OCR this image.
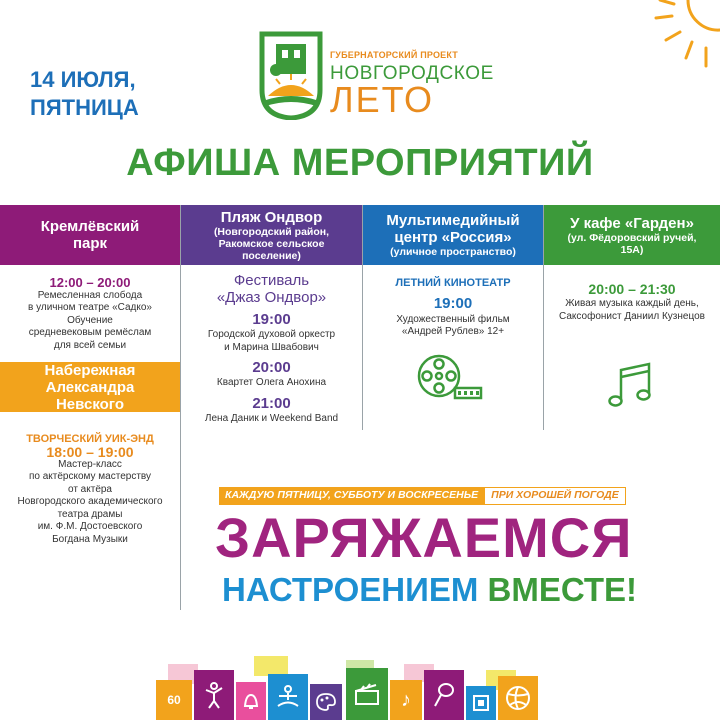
14 ИЮЛЯ,
ПЯТНИЦА
ГУБЕРНАТОРСКИЙ ПРОЕКТ
НОВГОРОДСКОЕ
ЛЕТО
АФИША МЕРОПРИЯТИЙ
Кремлёвский парк
Пляж Ондвор
(Новгородский район, Ракомское сельское поселение)
Мультимедийный центр «Россия»
(уличное пространство)
У кафе «Гарден»
(ул. Фёдоровский ручей, 15А)
12:00 – 20:00
Ремесленная слобода
в уличном театре «Садко»
Обучение
средневековым ремёслам
для всей семьи
Набережная Александра Невского
ТВОРЧЕСКИЙ УИК-ЭНД
18:00 – 19:00
Мастер-класс
по актёрскому мастерству
от актёра
Новгородского академического
театра драмы
им. Ф.М. Достоевского
Богдана Музыки
Фестиваль
«Джаз Ондвор»
19:00
Городской духовой оркестр
и Марина Швабович
20:00
Квартет Олега Анохина
21:00
Лена Даник и Weekend Band
ЛЕТНИЙ КИНОТЕАТР
19:00
Художественный фильм
«Андрей Рублев» 12+
20:00 – 21:30
Живая музыка каждый день,
Саксофонист Даниил Кузнецов
КАЖДУЮ ПЯТНИЦУ, СУББОТУ И ВОСКРЕСЕНЬЕ	ПРИ ХОРОШЕЙ ПОГОДЕ
ЗАРЯЖАЕМСЯ
НАСТРОЕНИЕМ ВМЕСТЕ!
60	♪
